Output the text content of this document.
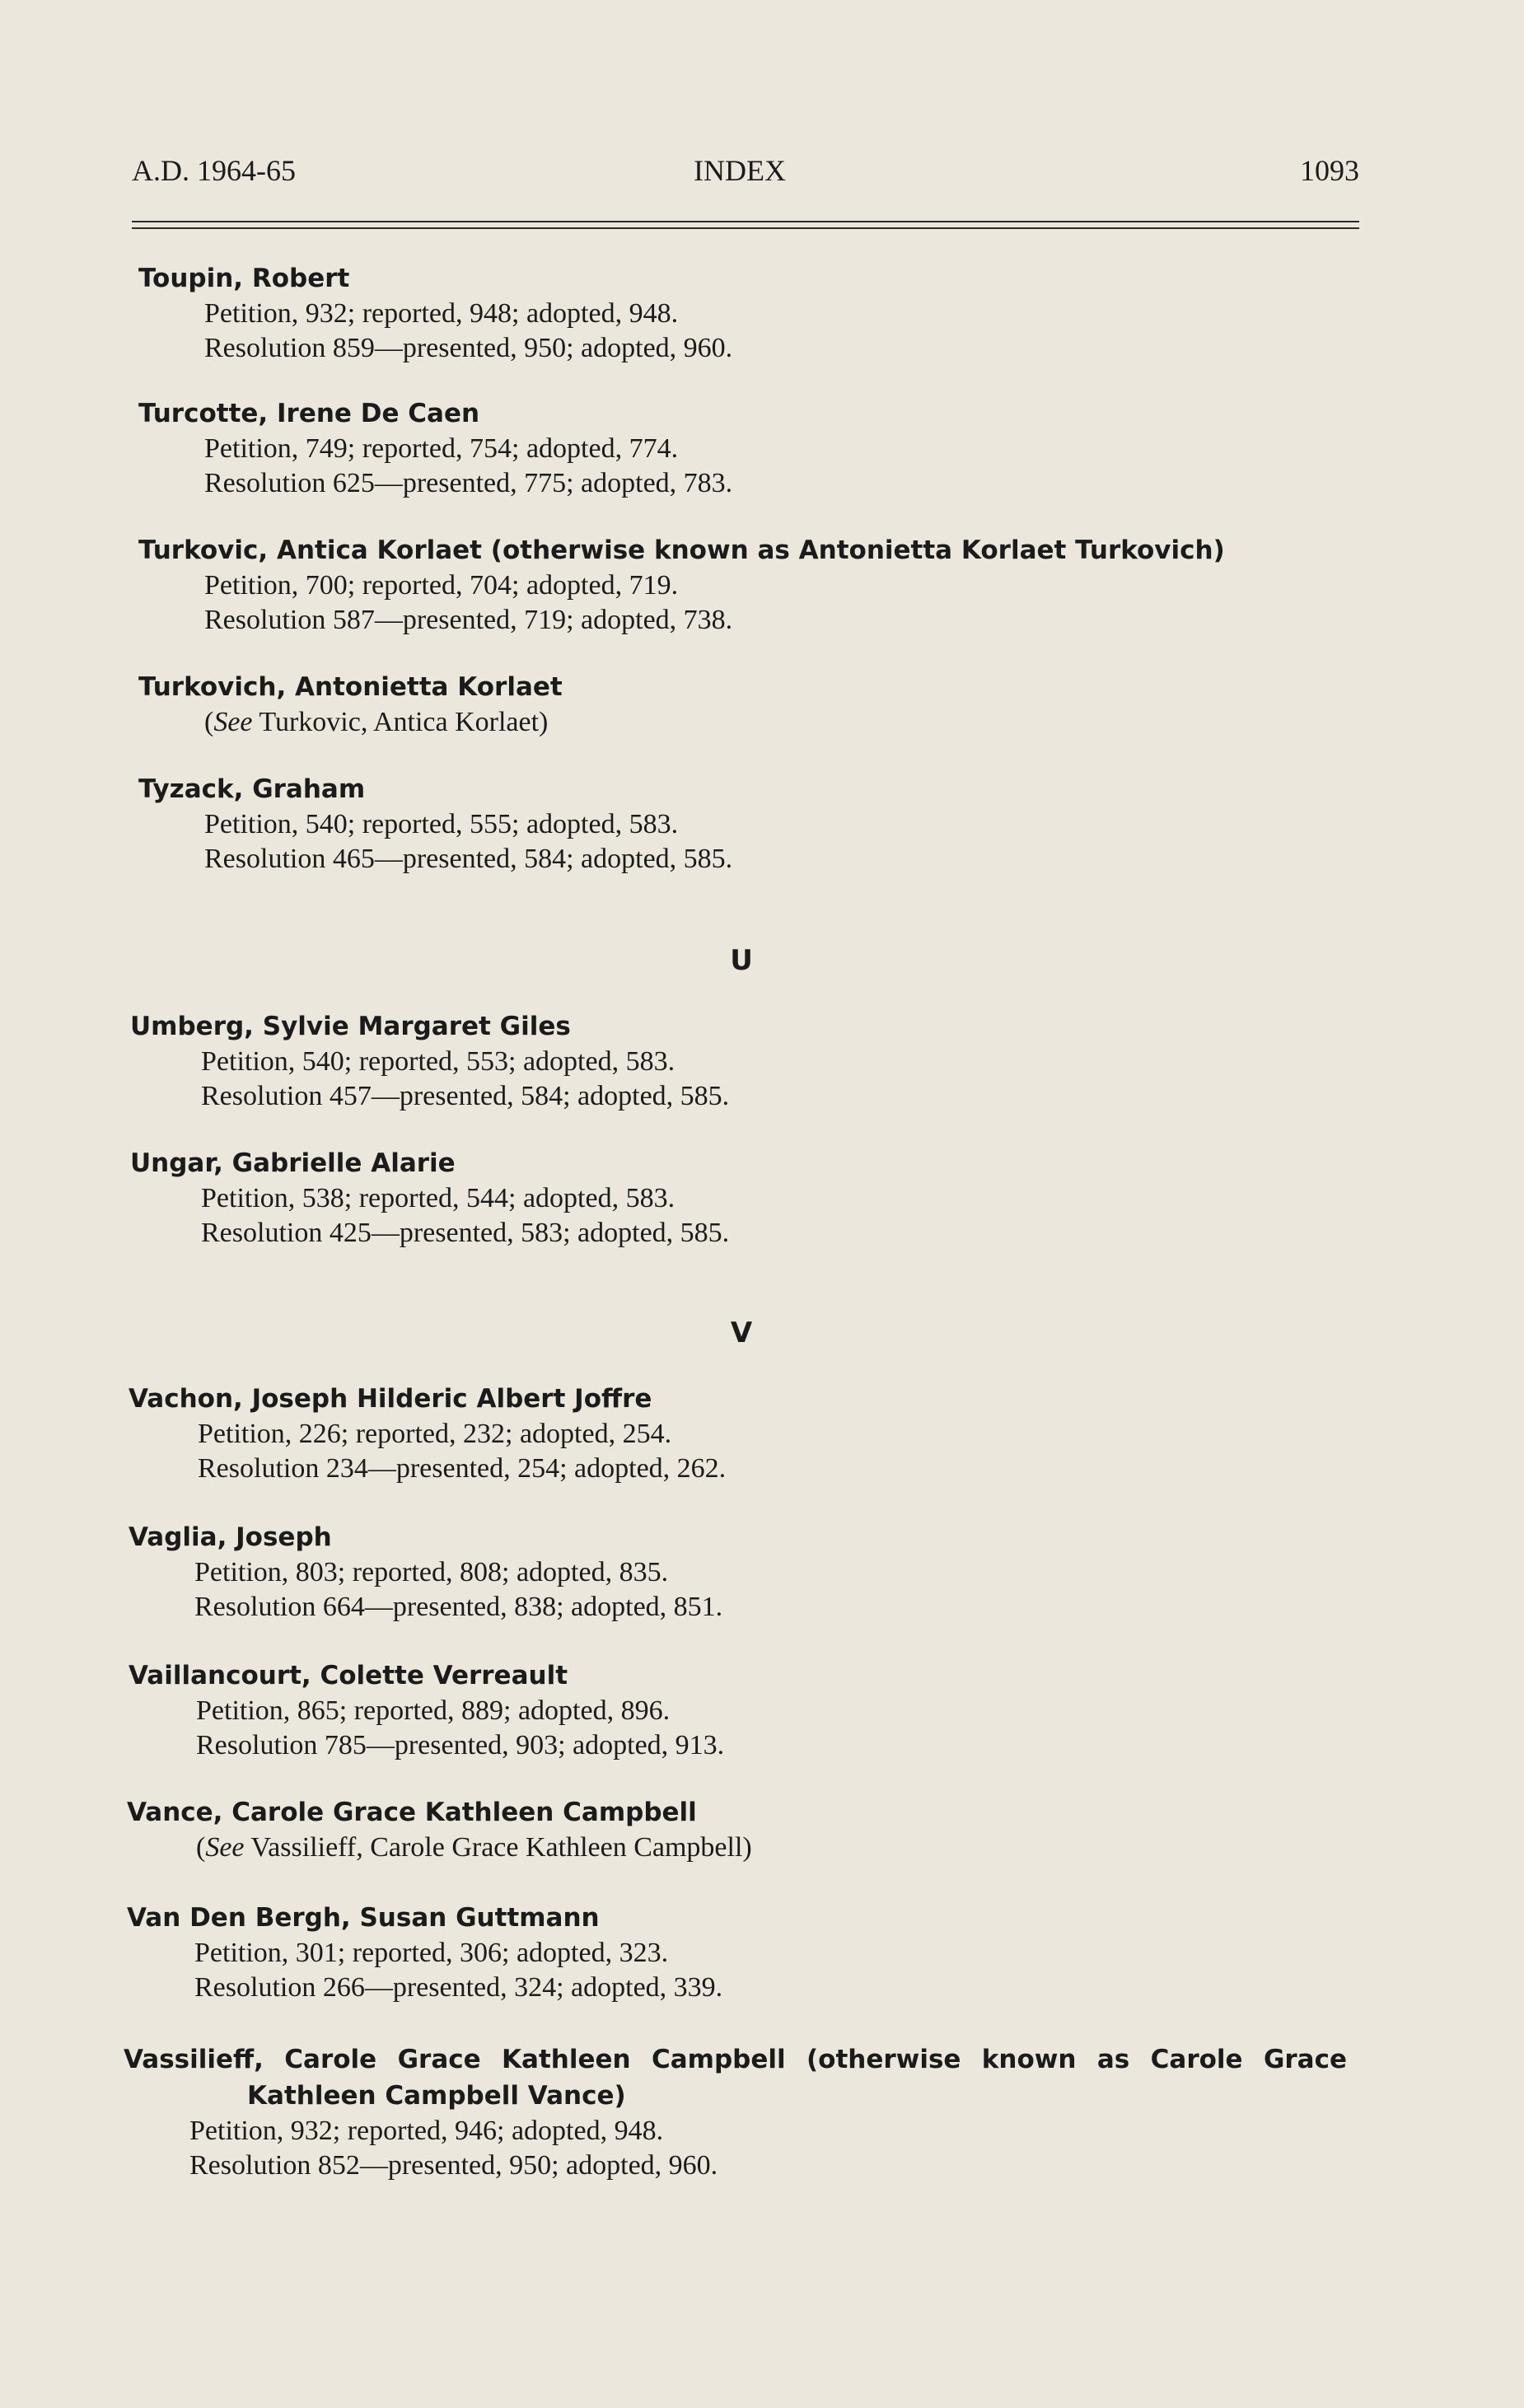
A.D. 1964-65	INDEX	1093
Toupin, Robert
Petition, 932; reported, 948; adopted, 948.
Resolution 859—presented, 950; adopted, 960.
Turcotte, Irene De Caen
Petition, 749; reported, 754; adopted, 774.
Resolution 625—presented, 775; adopted, 783.
Turkovic, Antica Korlaet (otherwise known as Antonietta Korlaet Turkovich)
Petition, 700; reported, 704; adopted, 719.
Resolution 587—presented, 719; adopted, 738.
Turkovich, Antonietta Korlaet
(See Turkovic, Antica Korlaet)
Tyzack, Graham
Petition, 540; reported, 555; adopted, 583.
Resolution 465—presented, 584; adopted, 585.
U
Umberg, Sylvie Margaret Giles
Petition, 540; reported, 553; adopted, 583.
Resolution 457—presented, 584; adopted, 585.
Ungar, Gabrielle Alarie
Petition, 538; reported, 544; adopted, 583.
Resolution 425—presented, 583; adopted, 585.
V
Vachon, Joseph Hilderic Albert Joffre
Petition, 226; reported, 232; adopted, 254.
Resolution 234—presented, 254; adopted, 262.
Vaglia, Joseph
Petition, 803; reported, 808; adopted, 835.
Resolution 664—presented, 838; adopted, 851.
Vaillancourt, Colette Verreault
Petition, 865; reported, 889; adopted, 896.
Resolution 785—presented, 903; adopted, 913.
Vance, Carole Grace Kathleen Campbell
(See Vassilieff, Carole Grace Kathleen Campbell)
Van Den Bergh, Susan Guttmann
Petition, 301; reported, 306; adopted, 323.
Resolution 266—presented, 324; adopted, 339.
Vassilieff, Carole Grace Kathleen Campbell (otherwise known as Carole Grace
Kathleen Campbell Vance)
Petition, 932; reported, 946; adopted, 948.
Resolution 852—presented, 950; adopted, 960.
